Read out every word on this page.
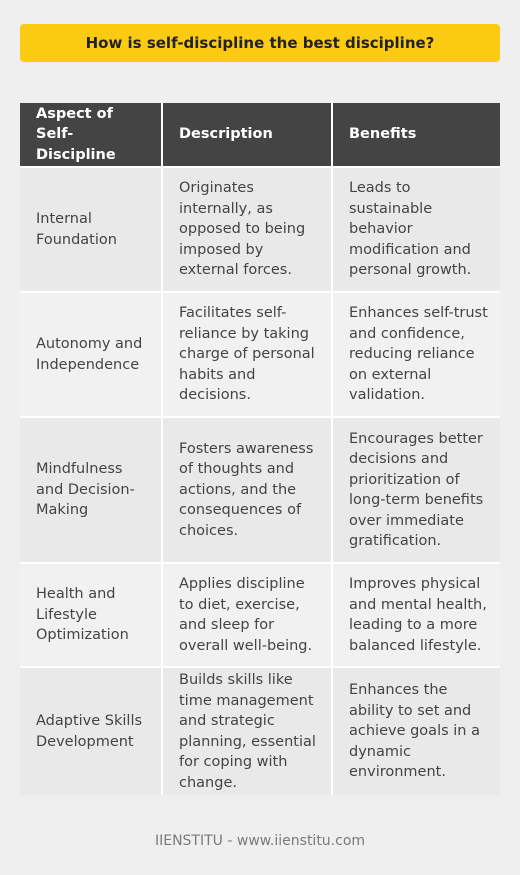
How is self-discipline the best discipline?
Aspect of Self-Discipline	Description	Benefits
Internal Foundation	Originates internally, as opposed to being imposed by external forces.	Leads to sustainable behavior modification and personal growth.
Autonomy and Independence	Facilitates self-reliance by taking charge of personal habits and decisions.	Enhances self-trust and confidence, reducing reliance on external validation.
Mindfulness and Decision-Making	Fosters awareness of thoughts and actions, and the consequences of choices.	Encourages better decisions and prioritization of long-term benefits over immediate gratification.
Health and Lifestyle Optimization	Applies discipline to diet, exercise, and sleep for overall well-being.	Improves physical and mental health, leading to a more balanced lifestyle.
Adaptive Skills Development	Builds skills like time management and strategic planning, essential for coping with change.	Enhances the ability to set and achieve goals in a dynamic environment.
IIENSTITU - www.iienstitu.com
